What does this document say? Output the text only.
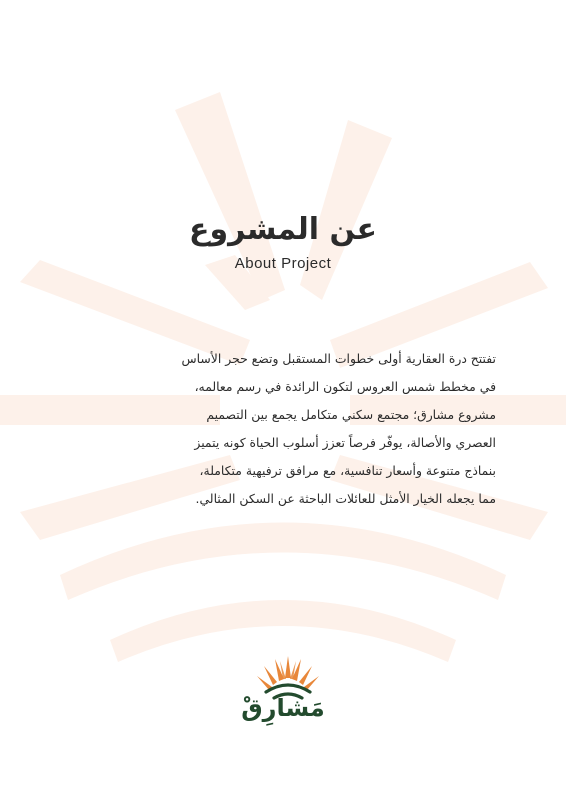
عن المشروع
About Project
تفتتح درة العقارية أولى خطوات المستقبل وتضع حجر الأساس
في مخطط شمس العروس لتكون الرائدة في رسم معالمه،
مشروع مشارق؛ مجتمع سكني متكامل يجمع بين التصميم
العصري والأصالة، يوفّر فرصاً تعزز أسلوب الحياة كونه يتميز
بنماذج متنوعة وأسعار تنافسية، مع مرافق ترفيهية متكاملة،
مما يجعله الخيار الأمثل للعائلات الباحثة عن السكن المثالي.
مَشارِقْ
